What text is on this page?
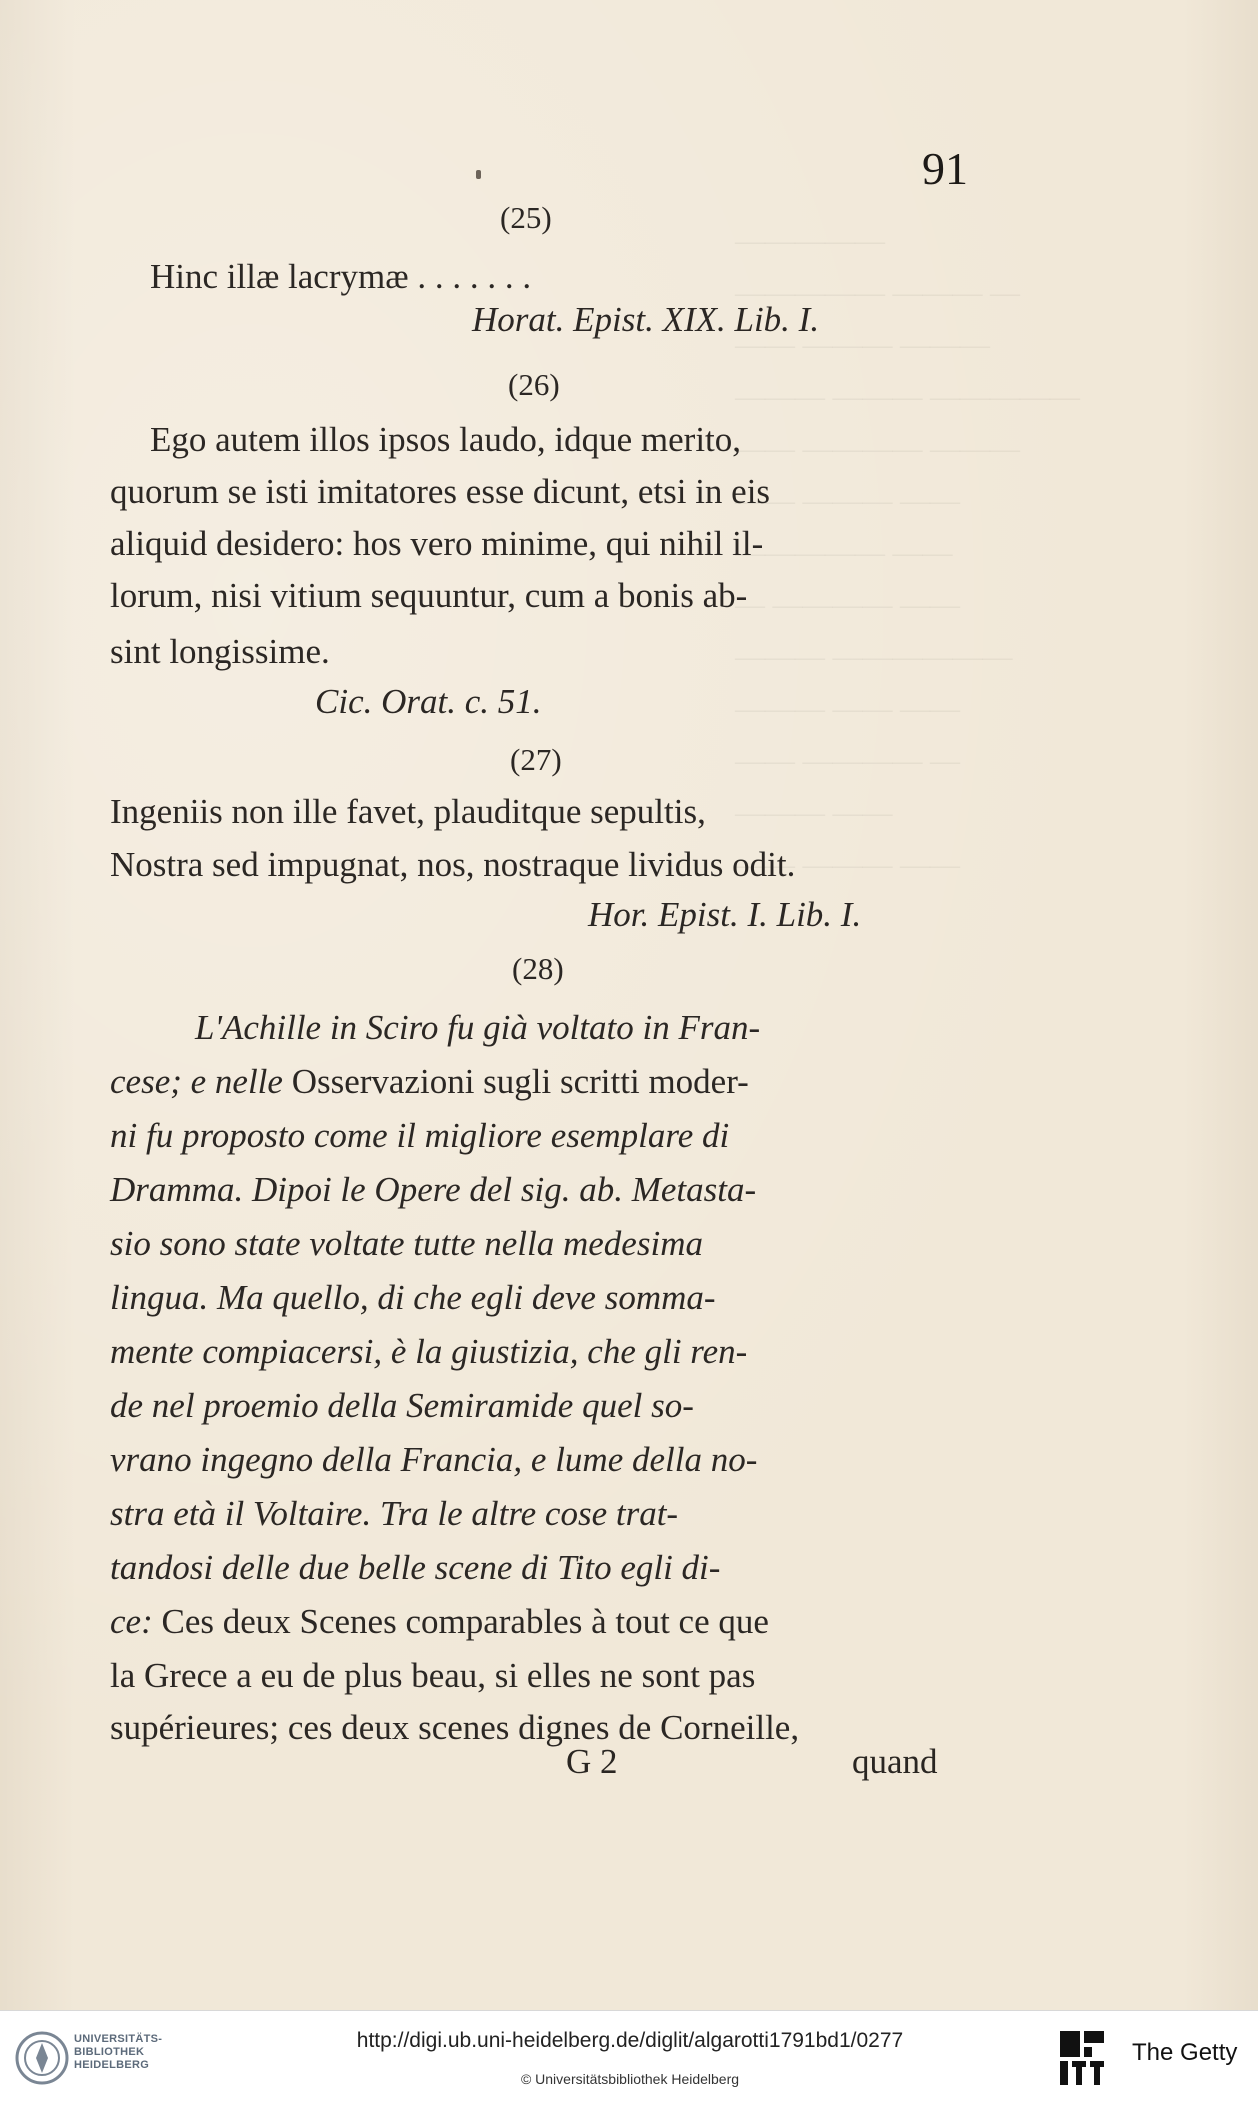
—————
————— ——— —
—— ——— ———
——— ——— —————
—— ———— ———
—— ——— ——
————— ——
— ———— ——
——— ——————
——— —— ——
—— ———— —
——— ——
—— ——— ——
91
(25)
Hinc illæ lacrymæ . . . . . . .
Horat. Epist. XIX. Lib. I.
(26)
Ego autem illos ipsos laudo, idque merito,
quorum se isti imitatores esse dicunt, etsi in eis
aliquid desidero: hos vero minime, qui nihil il-
lorum, nisi vitium sequuntur, cum a bonis ab-
sint longissime.
Cic. Orat. c. 51.
(27)
Ingeniis non ille favet, plauditque sepultis,
Nostra sed impugnat, nos, nostraque lividus odit.
Hor. Epist. I. Lib. I.
(28)
L'Achille in Sciro fu già voltato in Fran-
cese; e nelle Osservazioni sugli scritti moder-
ni fu proposto come il migliore esemplare di
Dramma. Dipoi le Opere del sig. ab. Metasta-
sio sono state voltate tutte nella medesima
lingua. Ma quello, di che egli deve somma-
mente compiacersi, è la giustizia, che gli ren-
de nel proemio della Semiramide quel so-
vrano ingegno della Francia, e lume della no-
stra età il Voltaire. Tra le altre cose trat-
tandosi delle due belle scene di Tito egli di-
ce: Ces deux Scenes comparables à tout ce que
la Grece a eu de plus beau, si elles ne sont pas
supérieures; ces deux scenes dignes de Corneille,
G 2	quand
UNIVERSITÄTS-
BIBLIOTHEK
HEIDELBERG
http://digi.ub.uni-heidelberg.de/diglit/algarotti1791bd1/0277
© Universitätsbibliothek Heidelberg
The Getty
